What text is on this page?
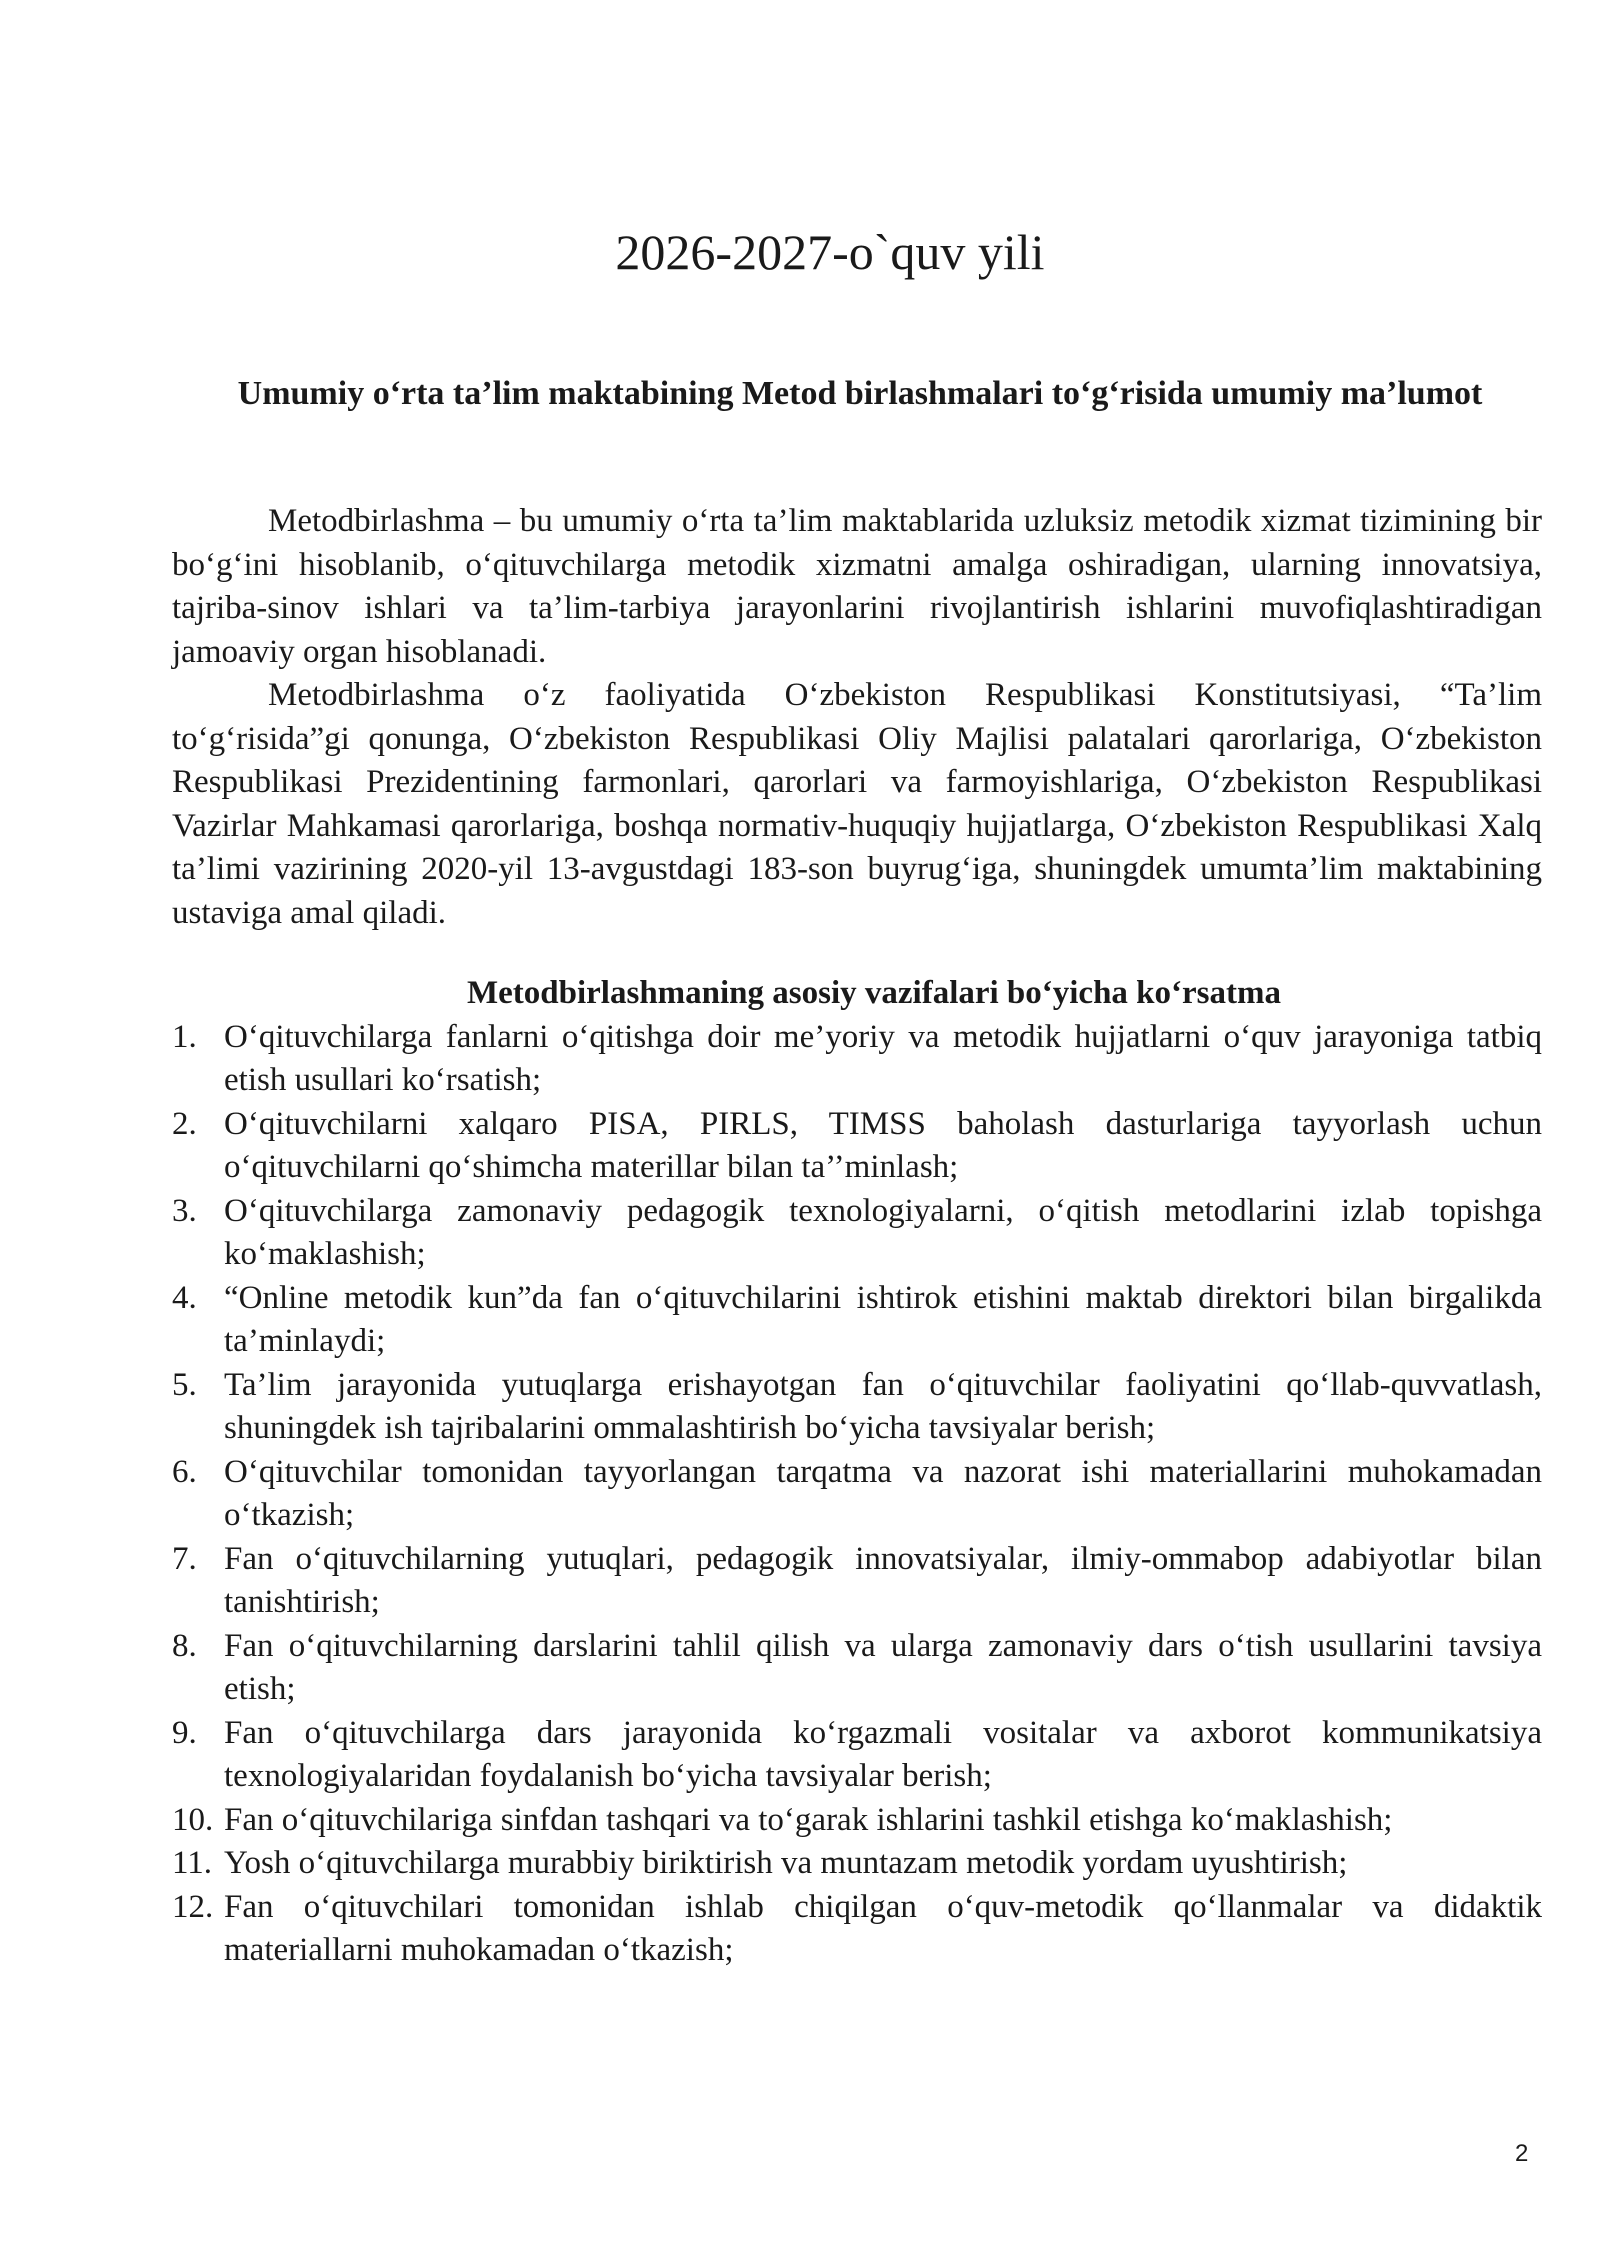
2026-2027-o`quv yili
Umumiy o‘rta ta’lim maktabining Metod birlashmalari to‘g‘risida umumiy ma’lumot

Metodbirlashma – bu umumiy o‘rta ta’lim maktablarida uzluksiz metodik xizmat tizimining bir bo‘g‘ini hisoblanib, o‘qituvchilarga metodik xizmatni amalga oshiradigan, ularning innovatsiya, tajriba-sinov ishlari va ta’lim-tarbiya jarayonlarini rivojlantirish ishlarini muvofiqlashtiradigan jamoaviy organ hisoblanadi.

Metodbirlashma o‘z faoliyatida O‘zbekiston Respublikasi Konstitutsiyasi, “Ta’lim to‘g‘risida”gi qonunga, O‘zbekiston Respublikasi Oliy Majlisi palatalari qarorlariga, O‘zbekiston Respublikasi Prezidentining farmonlari, qarorlari va farmoyishlariga, O‘zbekiston Respublikasi Vazirlar Mahkamasi qarorlariga, boshqa normativ-huquqiy hujjatlarga, O‘zbekiston Respublikasi Xalq ta’limi vazirining 2020-yil 13-avgustdagi 183-son buyrug‘iga, shuningdek umumta’lim maktabining ustaviga amal qiladi.

Metodbirlashmaning asosiy vazifalari bo‘yicha ko‘rsatma
1. O‘qituvchilarga fanlarni o‘qitishga doir me’yoriy va metodik hujjatlarni o‘quv jarayoniga tatbiq etish usullari ko‘rsatish;
2. O‘qituvchilarni xalqaro PISA, PIRLS, TIMSS baholash dasturlariga tayyorlash uchun o‘qituvchilarni qo‘shimcha materillar bilan ta’’minlash;
3. O‘qituvchilarga zamonaviy pedagogik texnologiyalarni, o‘qitish metodlarini izlab topishga ko‘maklashish;
4. “Online metodik kun”da fan o‘qituvchilarini ishtirok etishini maktab direktori bilan birgalikda ta’minlaydi;
5. Ta’lim jarayonida yutuqlarga erishayotgan fan o‘qituvchilar faoliyatini qo‘llab-quvvatlash, shuningdek ish tajribalarini ommalashtirish bo‘yicha tavsiyalar berish;
6. O‘qituvchilar tomonidan tayyorlangan tarqatma va nazorat ishi materiallarini muhokamadan o‘tkazish;
7. Fan o‘qituvchilarning yutuqlari, pedagogik innovatsiyalar, ilmiy-ommabop adabiyotlar bilan tanishtirish;
8. Fan o‘qituvchilarning darslarini tahlil qilish va ularga zamonaviy dars o‘tish usullarini tavsiya etish;
9. Fan o‘qituvchilarga dars jarayonida ko‘rgazmali vositalar va axborot kommunikatsiya texnologiyalaridan foydalanish bo‘yicha tavsiyalar berish;
10. Fan o‘qituvchilariga sinfdan tashqari va to‘garak ishlarini tashkil etishga ko‘maklashish;
11. Yosh o‘qituvchilarga murabbiy biriktirish va muntazam metodik yordam uyushtirish;
12. Fan o‘qituvchilari tomonidan ishlab chiqilgan o‘quv-metodik qo‘llanmalar va didaktik materiallarni muhokamadan o‘tkazish;
2
